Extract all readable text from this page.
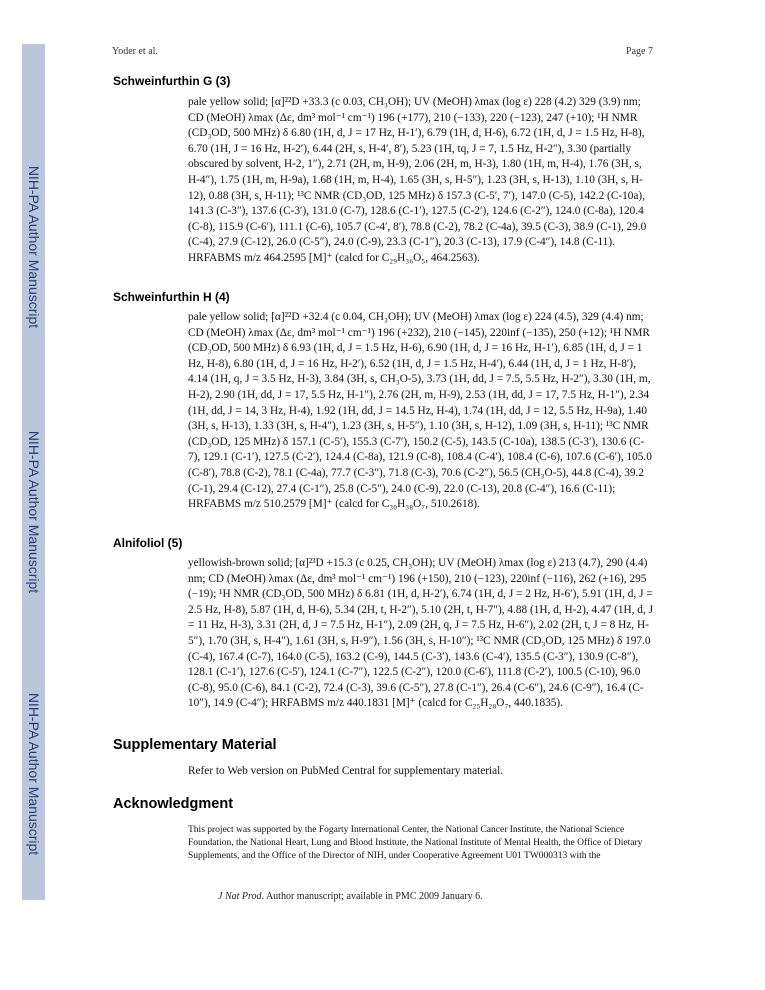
NIH-PA Author Manuscript
NIH-PA Author Manuscript
NIH-PA Author Manuscript
Yoder et al.	Page 7
Schweinfurthin G (3)
pale yellow solid; [α]²²D +33.3 (c 0.03, CH₃OH); UV (MeOH) λmax (log ε) 228 (4.2) 329 (3.9) nm; CD (MeOH) λmax (Δε, dm³ mol⁻¹ cm⁻¹) 196 (+177), 210 (−133), 220 (−123), 247 (+10); ¹H NMR (CD₃OD, 500 MHz) δ 6.80 (1H, d, J = 17 Hz, H-1′), 6.79 (1H, d, H-6), 6.72 (1H, d, J = 1.5 Hz, H-8), 6.70 (1H, J = 16 Hz, H-2′), 6.44 (2H, s, H-4′, 8′), 5.23 (1H, tq, J = 7, 1.5 Hz, H-2″), 3.30 (partially obscured by solvent, H-2, 1″), 2.71 (2H, m, H-9), 2.06 (2H, m, H-3), 1.80 (1H, m, H-4), 1.76 (3H, s, H-4″), 1.75 (1H, m, H-9a), 1.68 (1H, m, H-4), 1.65 (3H, s, H-5″), 1.23 (3H, s, H-13), 1.10 (3H, s, H-12), 0.88 (3H, s, H-11); ¹³C NMR (CD₃OD, 125 MHz) δ 157.3 (C-5′, 7′), 147.0 (C-5), 142.2 (C-10a), 141.3 (C-3″), 137.6 (C-3′), 131.0 (C-7), 128.6 (C-1′), 127.5 (C-2′), 124.6 (C-2″), 124.0 (C-8a), 120.4 (C-8), 115.9 (C-6′), 111.1 (C-6), 105.7 (C-4′, 8′), 78.8 (C-2), 78.2 (C-4a), 39.5 (C-3), 38.9 (C-1), 29.0 (C-4), 27.9 (C-12), 26.0 (C-5″), 24.0 (C-9), 23.3 (C-1″), 20.3 (C-13), 17.9 (C-4″), 14.8 (C-11). HRFABMS m/z 464.2595 [M]⁺ (calcd for C₂₉H₃₆O₅, 464.2563).
Schweinfurthin H (4)
pale yellow solid; [α]²²D +32.4 (c 0.04, CH₃OH); UV (MeOH) λmax (log ε) 224 (4.5), 329 (4.4) nm; CD (MeOH) λmax (Δε, dm³ mol⁻¹ cm⁻¹) 196 (+232), 210 (−145), 220inf (−135), 250 (+12); ¹H NMR (CD₃OD, 500 MHz) δ 6.93 (1H, d, J = 1.5 Hz, H-6), 6.90 (1H, d, J = 16 Hz, H-1′), 6.85 (1H, d, J = 1 Hz, H-8), 6.80 (1H, d, J = 16 Hz, H-2′), 6.52 (1H, d, J = 1.5 Hz, H-4′), 6.44 (1H, d, J = 1 Hz, H-8′), 4.14 (1H, q, J = 3.5 Hz, H-3), 3.84 (3H, s, CH₃O-5), 3.73 (1H, dd, J = 7.5, 5.5 Hz, H-2″), 3.30 (1H, m, H-2), 2.90 (1H, dd, J = 17, 5.5 Hz, H-1″), 2.76 (2H, m, H-9), 2.53 (1H, dd, J = 17, 7.5 Hz, H-1″), 2.34 (1H, dd, J = 14, 3 Hz, H-4), 1.92 (1H, dd, J = 14.5 Hz, H-4), 1.74 (1H, dd, J = 12, 5.5 Hz, H-9a), 1.40 (3H, s, H-13), 1.33 (3H, s, H-4″), 1.23 (3H, s, H-5″), 1.10 (3H, s, H-12), 1.09 (3H, s, H-11); ¹³C NMR (CD₃OD, 125 MHz) δ 157.1 (C-5′), 155.3 (C-7′), 150.2 (C-5), 143.5 (C-10a), 138.5 (C-3′), 130.6 (C-7), 129.1 (C-1′), 127.5 (C-2′), 124.4 (C-8a), 121.9 (C-8), 108.4 (C-4′), 108.4 (C-6), 107.6 (C-6′), 105.0 (C-8′), 78.8 (C-2), 78.1 (C-4a), 77.7 (C-3″), 71.8 (C-3), 70.6 (C-2″), 56.5 (CH₃O-5), 44.8 (C-4), 39.2 (C-1), 29.4 (C-12), 27.4 (C-1″), 25.8 (C-5″), 24.0 (C-9), 22.0 (C-13), 20.8 (C-4″), 16.6 (C-11); HRFABMS m/z 510.2579 [M]⁺ (calcd for C₃₀H₃₈O₇, 510.2618).
Alnifoliol (5)
yellowish-brown solid; [α]²³D +15.3 (c 0.25, CH₃OH); UV (MeOH) λmax (log ε) 213 (4.7), 290 (4.4) nm; CD (MeOH) λmax (Δε, dm³ mol⁻¹ cm⁻¹) 196 (+150), 210 (−123), 220inf (−116), 262 (+16), 295 (−19); ¹H NMR (CD₃OD, 500 MHz) δ 6.81 (1H, d, H-2′), 6.74 (1H, d, J = 2 Hz, H-6′), 5.91 (1H, d, J = 2.5 Hz, H-8), 5.87 (1H, d, H-6), 5.34 (2H, t, H-2″), 5.10 (2H, t, H-7″), 4.88 (1H, d, H-2), 4.47 (1H, d, J = 11 Hz, H-3), 3.31 (2H, d, J = 7.5 Hz, H-1″), 2.09 (2H, q, J = 7.5 Hz, H-6″), 2.02 (2H, t, J = 8 Hz, H-5″), 1.70 (3H, s, H-4″), 1.61 (3H, s, H-9″), 1.56 (3H, s, H-10″); ¹³C NMR (CD₃OD, 125 MHz) δ 197.0 (C-4), 167.4 (C-7), 164.0 (C-5), 163.2 (C-9), 144.5 (C-3′), 143.6 (C-4′), 135.5 (C-3″), 130.9 (C-8″), 128.1 (C-1′), 127.6 (C-5′), 124.1 (C-7″), 122.5 (C-2″), 120.0 (C-6′), 111.8 (C-2′), 100.5 (C-10), 96.0 (C-8), 95.0 (C-6), 84.1 (C-2), 72.4 (C-3), 39.6 (C-5″), 27.8 (C-1″), 26.4 (C-6″), 24.6 (C-9″), 16.4 (C-10″), 14.9 (C-4″); HRFABMS m/z 440.1831 [M]⁺ (calcd for C₂₅H₂₈O₇, 440.1835).
Supplementary Material
Refer to Web version on PubMed Central for supplementary material.
Acknowledgment
This project was supported by the Fogarty International Center, the National Cancer Institute, the National Science Foundation, the National Heart, Lung and Blood Institute, the National Institute of Mental Health, the Office of Dietary Supplements, and the Office of the Director of NIH, under Cooperative Agreement U01 TW000313 with the
J Nat Prod. Author manuscript; available in PMC 2009 January 6.
